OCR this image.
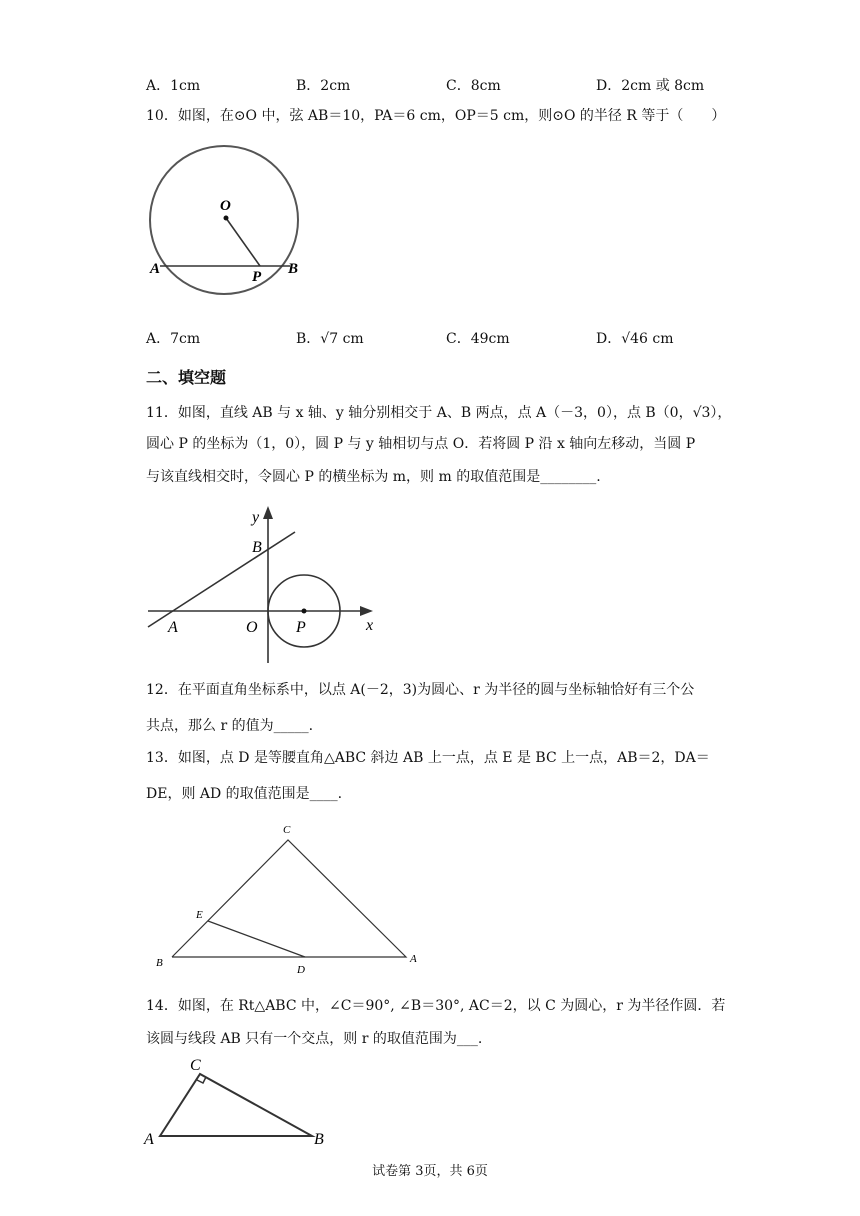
A．1cm	B．2cm	C．8cm	D．2cm 或 8cm
10．如图，在⊙O 中，弦 AB＝10，PA＝6 cm，OP＝5 cm，则⊙O 的半径 R 等于（　　）
O
A	B
P
A．7cm	B．√7 cm	C．49cm	D．√46 cm
二、填空题
11．如图，直线 AB 与 x 轴、y 轴分别相交于 A、B 两点，点 A（－3，0），点 B（0，√3），
圆心 P 的坐标为（1，0），圆 P 与 y 轴相切与点 O．若将圆 P 沿 x 轴向左移动，当圆 P
与该直线相交时，令圆心 P 的横坐标为 m，则 m 的取值范围是________.
y
x
B
A	O P
12．在平面直角坐标系中，以点 A(－2，3)为圆心、r 为半径的圆与坐标轴恰好有三个公
共点，那么 r 的值为_____.
13．如图，点 D 是等腰直角△ABC 斜边 AB 上一点，点 E 是 BC 上一点，AB＝2，DA＝
DE，则 AD 的取值范围是____.
C
E
B
D
A
14．如图，在 Rt△ABC 中，∠C＝90°, ∠B＝30°, AC＝2，以 C 为圆心，r 为半径作圆．若
该圆与线段 AB 只有一个交点，则 r 的取值范围为___.
C
A	B
试卷第 3页，共 6页
